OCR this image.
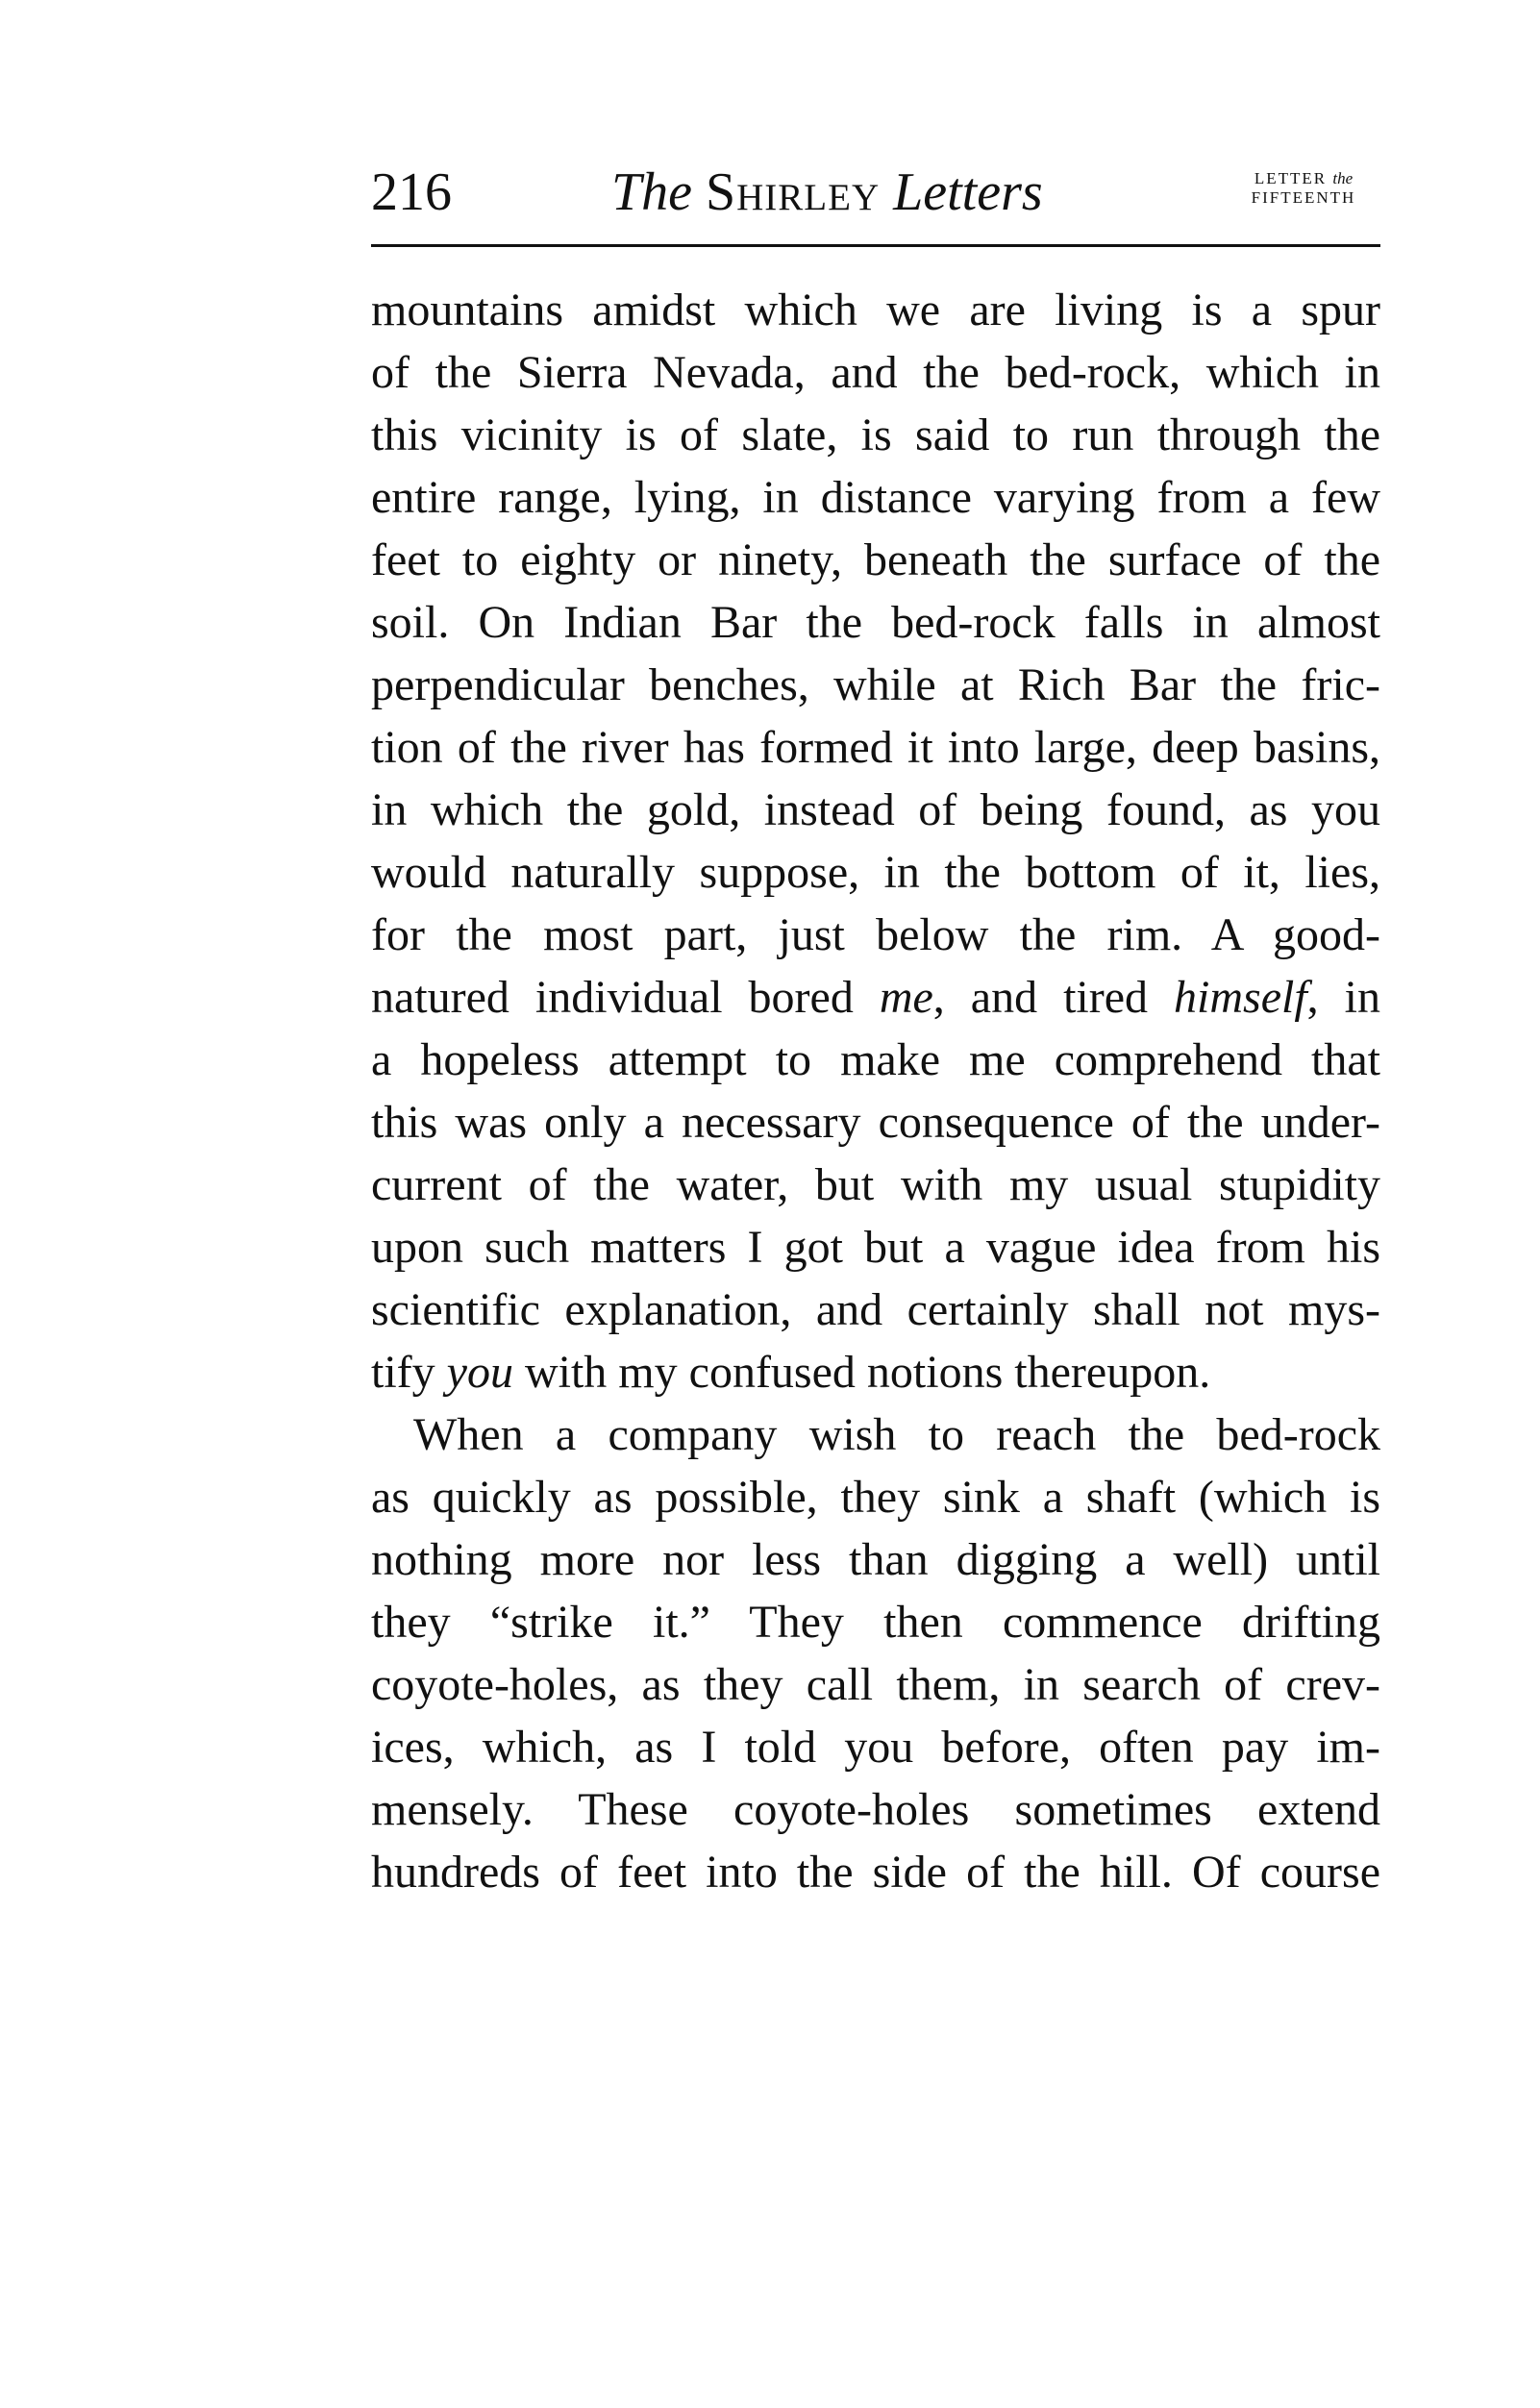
216	The Shirley Letters	LETTER the
FIFTEENTH
mountains amidst which we are living is a spur
of the Sierra Nevada, and the bed-rock, which in
this vicinity is of slate, is said to run through the
entire range, lying, in distance varying from a few
feet to eighty or ninety, beneath the surface of the
soil. On Indian Bar the bed-rock falls in almost
perpendicular benches, while at Rich Bar the fric-
tion of the river has formed it into large, deep basins,
in which the gold, instead of being found, as you
would naturally suppose, in the bottom of it, lies,
for the most part, just below the rim. A good-
natured individual bored me, and tired himself, in
a hopeless attempt to make me comprehend that
this was only a necessary consequence of the under-
current of the water, but with my usual stupidity
upon such matters I got but a vague idea from his
scientific explanation, and certainly shall not mys-
tify you with my confused notions thereupon.
When a company wish to reach the bed-rock
as quickly as possible, they sink a shaft (which is
nothing more nor less than digging a well) until
they “strike it.” They then commence drifting
coyote-holes, as they call them, in search of crev-
ices, which, as I told you before, often pay im-
mensely. These coyote-holes sometimes extend
hundreds of feet into the side of the hill. Of course
